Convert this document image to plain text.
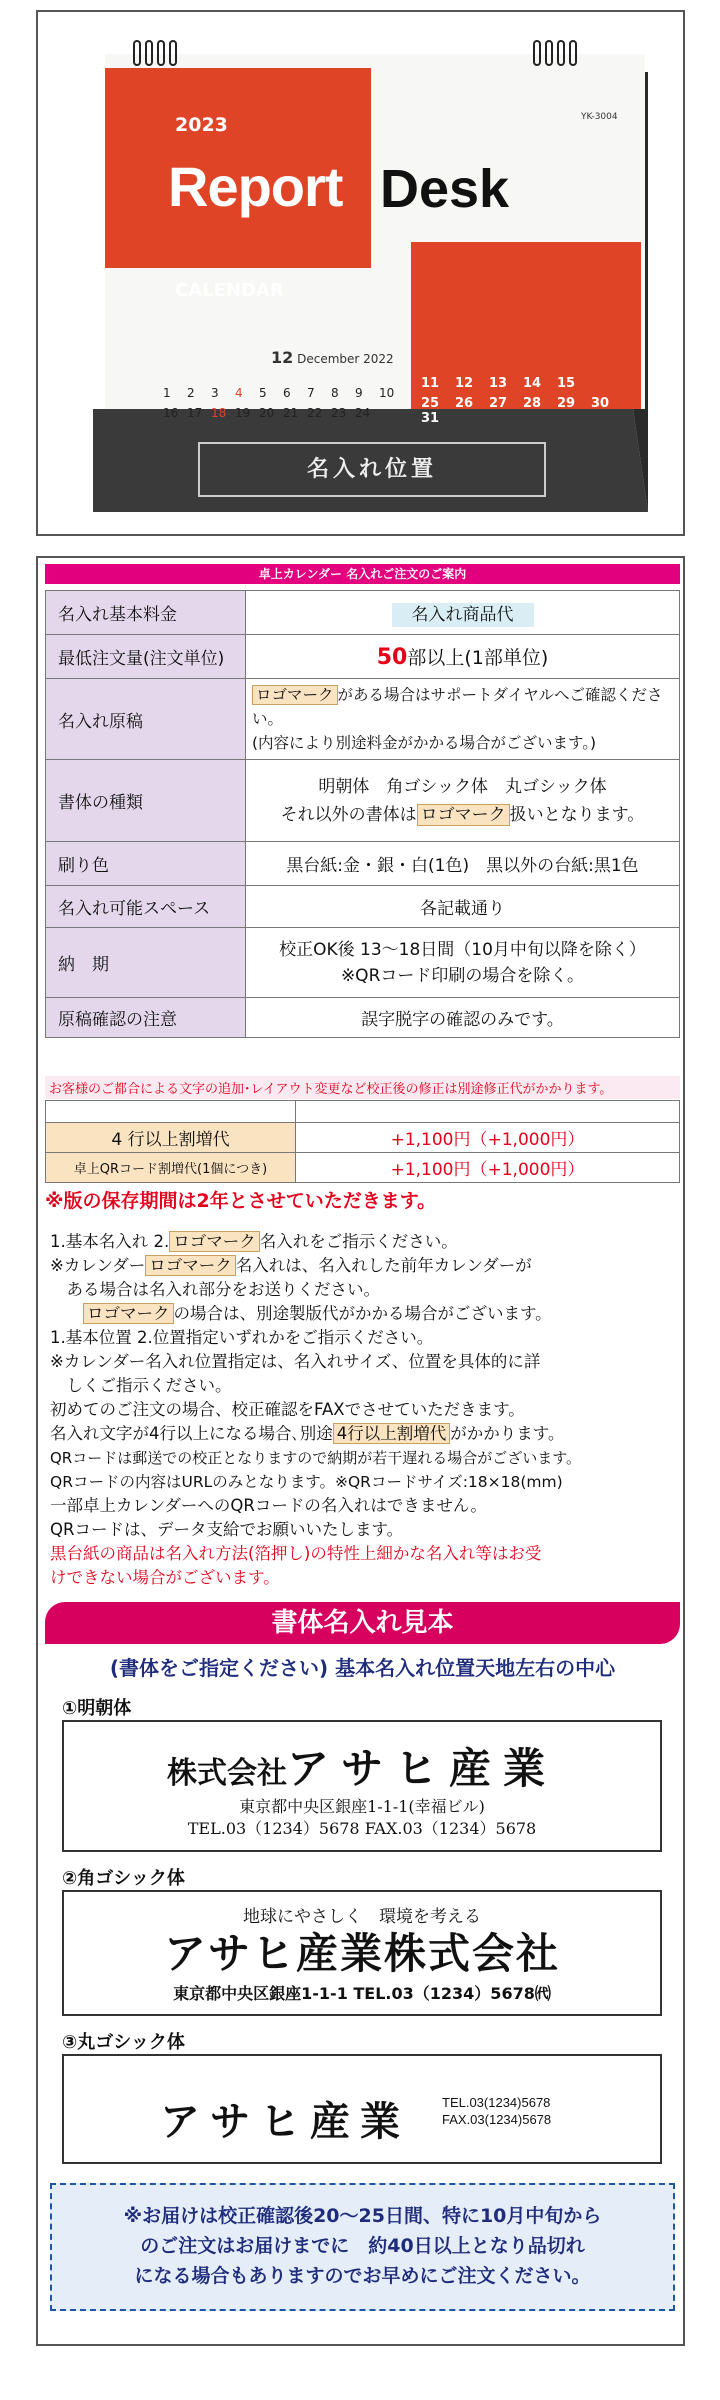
2023
Report Desk
CALENDAR
YK-3004
12 December 2022
1 2 3 4 5 6 7 8 9 10
16 17 18 19 20 21 22 23 24
11 12 13 14 15
25 26 27 28 29 3031
名入れ位置
卓上カレンダー 名入れご注文のご案内
名入れ基本料金	名入れ商品代
最低注文量(注文単位)	50部以上(1部単位)
名入れ原稿	ロゴマーク がある場合はサポートダイヤルへご確認ください。
(内容により別途料金がかかる場合がございます。)
書体の種類	明朝体　角ゴシック体　丸ゴシック体
それ以外の書体は ロゴマーク 扱いとなります。
刷り色	黒台紙:金・銀・白(1色)　黒以外の台紙:黒1色
名入れ可能スペース	各記載通り
納　期	校正OK後 13～18日間（10月中旬以降を除く）
※QRコード印刷の場合を除く。
原稿確認の注意	誤字脱字の確認のみです。
お客様のご都合による文字の追加･レイアウト変更など校正後の修正は別途修正代がかかります。

4 行以上割増代	+1,100円（+1,000円）
卓上QRコード割増代(1個につき)	+1,100円（+1,000円）
※版の保存期間は2年とさせていただきます。

1.基本名入れ 2. ロゴマーク 名入れをご指示ください。

※カレンダー ロゴマーク 名入れは、名入れした前年カレンダーが

　ある場合は名入れ部分をお送りください。

　　ロゴマーク の場合は、別途製版代がかかる場合がございます。

1.基本位置 2.位置指定いずれかをご指示ください。

※カレンダー名入れ位置指定は、名入れサイズ、位置を具体的に詳

　しくご指示ください。

初めてのご注文の場合、校正確認をFAXでさせていただきます。

名入れ文字が4行以上になる場合､別途 4行以上割増代 がかかります。

QRコードは郵送での校正となりますので納期が若干遅れる場合がございます。

QRコードの内容はURLのみとなります。※QRコードサイズ:18×18(mm)

一部卓上カレンダーへのQRコードの名入れはできません。

QRコードは、データ支給でお願いいたします。

黒台紙の商品は名入れ方法(箔押し)の特性上細かな名入れ等はお受

けできない場合がございます。

書体名入れ見本
(書体をご指定ください) 基本名入れ位置天地左右の中心
①明朝体
株式会社アサヒ産業
東京都中央区銀座1-1-1(幸福ビル)
TEL.03（1234）5678 FAX.03（1234）5678
②角ゴシック体
地球にやさしく　環境を考える
アサヒ産業株式会社
東京都中央区銀座1-1-1 TEL.03（1234）5678㈹
③丸ゴシック体
アサヒ産業 TEL.03(1234)5678
FAX.03(1234)5678
※お届けは校正確認後20～25日間、特に10月中旬から
のご注文はお届けまでに　約40日以上となり品切れ
になる場合もありますのでお早めにご注文ください。
